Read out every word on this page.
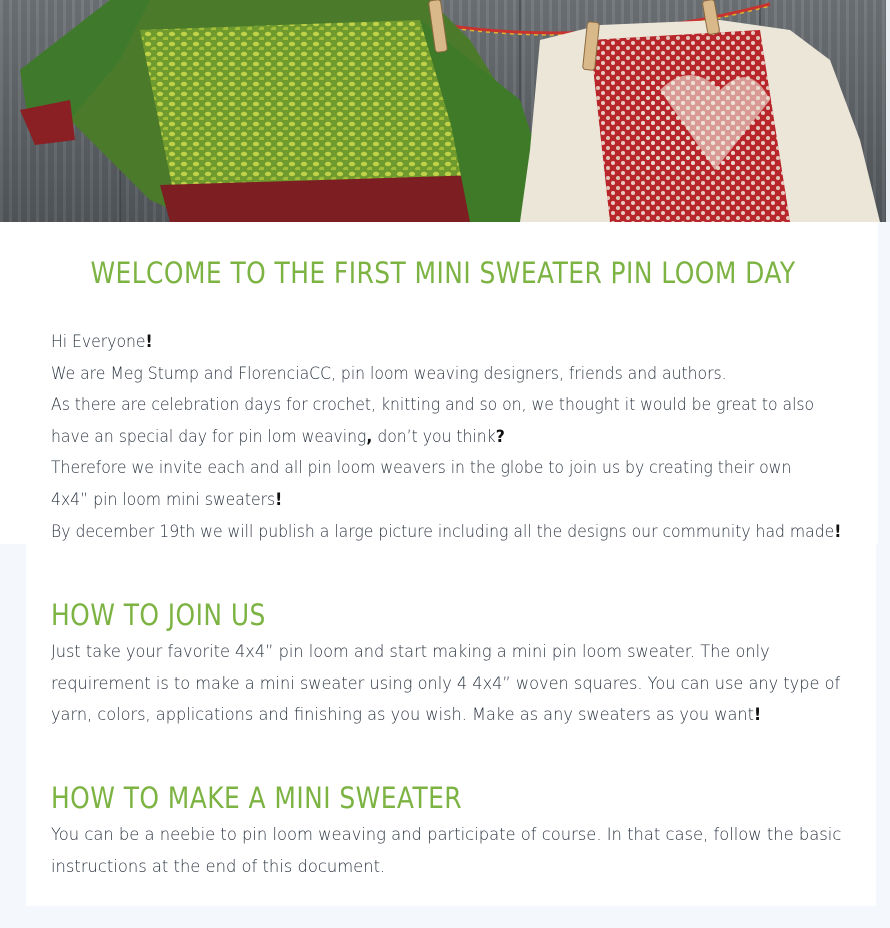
WELCOME TO THE FIRST MINI SWEATER PIN LOOM DAY
Hi Everyone!
We are Meg Stump and FlorenciaCC, pin loom weaving designers, friends and authors.
As there are celebration days for crochet, knitting and so on, we thought it would be great to also
have an special day for pin lom weaving, don’t you think?
Therefore we invite each and all pin loom weavers in the globe to join us by creating their own
4x4” pin loom mini sweaters!
By december 19th we will publish a large picture including all the designs our community had made!
HOW TO JOIN US
Just take your favorite 4x4” pin loom and start making a mini pin loom sweater. The only
requirement is to make a mini sweater using only 4 4x4” woven squares. You can use any type of
yarn, colors, applications and finishing as you wish. Make as any sweaters as you want!
HOW TO MAKE A MINI SWEATER
You can be a neebie to pin loom weaving and participate of course. In that case, follow the basic
instructions at the end of this document.
